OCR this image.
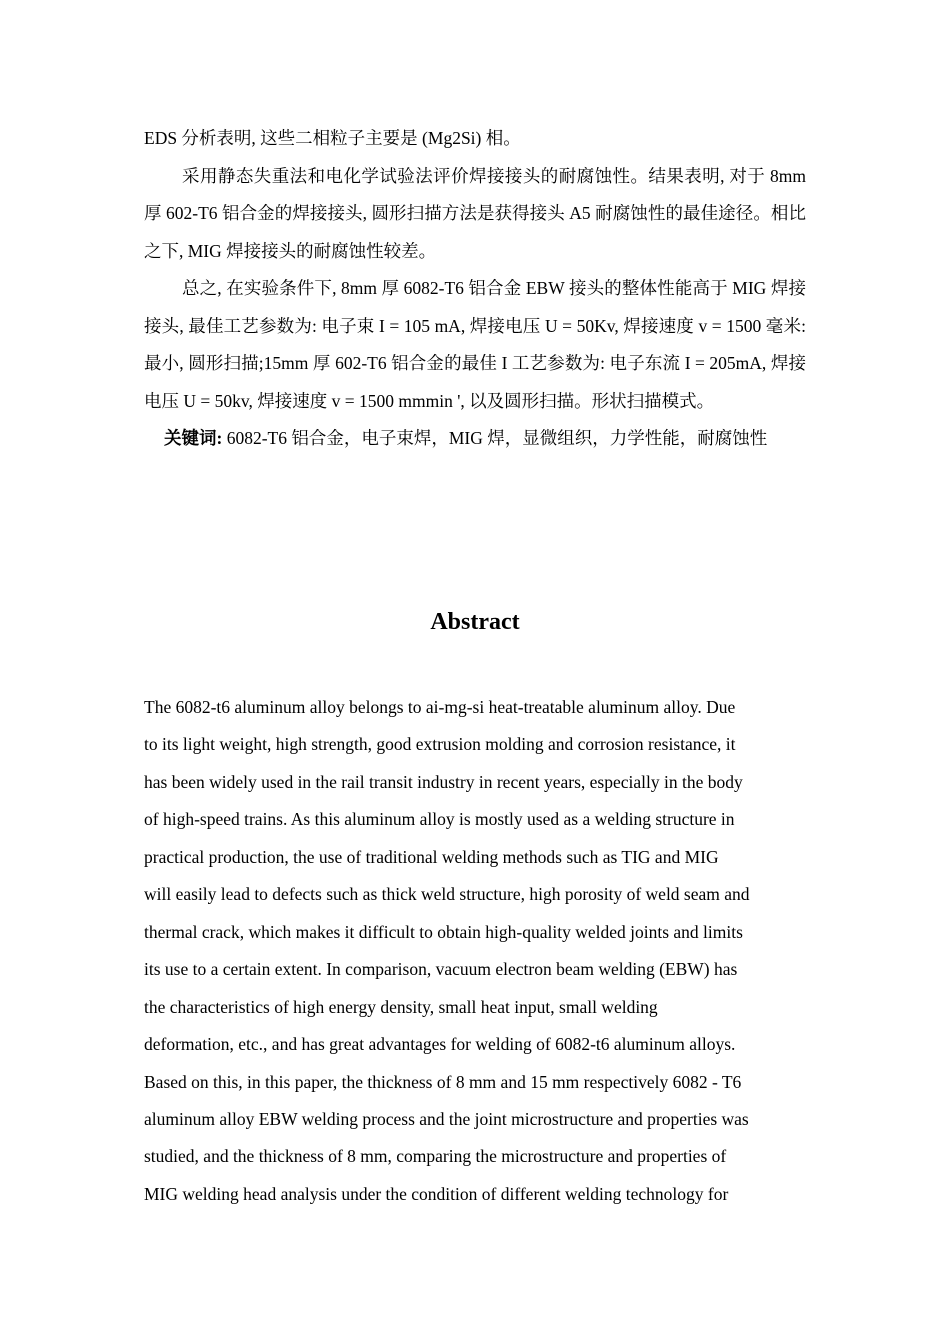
EDS 分析表明, 这些二相粒子主要是 (Mg2Si) 相。

采用静态失重法和电化学试验法评价焊接接头的耐腐蚀性。结果表明, 对于 8mm 厚 602-T6 铝合金的焊接接头, 圆形扫描方法是获得接头 A5 耐腐蚀性的最佳途径。相比之下, MIG 焊接接头的耐腐蚀性较差。

总之, 在实验条件下, 8mm 厚 6082-T6 铝合金 EBW 接头的整体性能高于 MIG 焊接接头, 最佳工艺参数为: 电子束 I = 105 mA, 焊接电压 U = 50Kv, 焊接速度 v = 1500 毫米: 最小, 圆形扫描;15mm 厚 602-T6 铝合金的最佳 I 工艺参数为: 电子东流 I = 205mA, 焊接电压 U = 50kv, 焊接速度 v = 1500 mmmin ', 以及圆形扫描。形状扫描模式。

关键词: 6082-T6 铝合金，电子束焊，MIG 焊，显微组织，力学性能，耐腐蚀性

Abstract
The 6082-t6 aluminum alloy belongs to ai-mg-si heat-treatable aluminum alloy. Due
to its light weight, high strength, good extrusion molding and corrosion resistance, it
has been widely used in the rail transit industry in recent years, especially in the body
of high-speed trains. As this aluminum alloy is mostly used as a welding structure in
practical production, the use of traditional welding methods such as TIG and MIG
will easily lead to defects such as thick weld structure, high porosity of weld seam and
thermal crack, which makes it difficult to obtain high-quality welded joints and limits
its use to a certain extent. In comparison, vacuum electron beam welding (EBW) has
the characteristics of high energy density, small heat input, small welding
deformation, etc., and has great advantages for welding of 6082-t6 aluminum alloys.
Based on this, in this paper, the thickness of 8 mm and 15 mm respectively 6082 - T6
aluminum alloy EBW welding process and the joint microstructure and properties was
studied, and the thickness of 8 mm, comparing the microstructure and properties of
MIG welding head analysis under the condition of different welding technology for
